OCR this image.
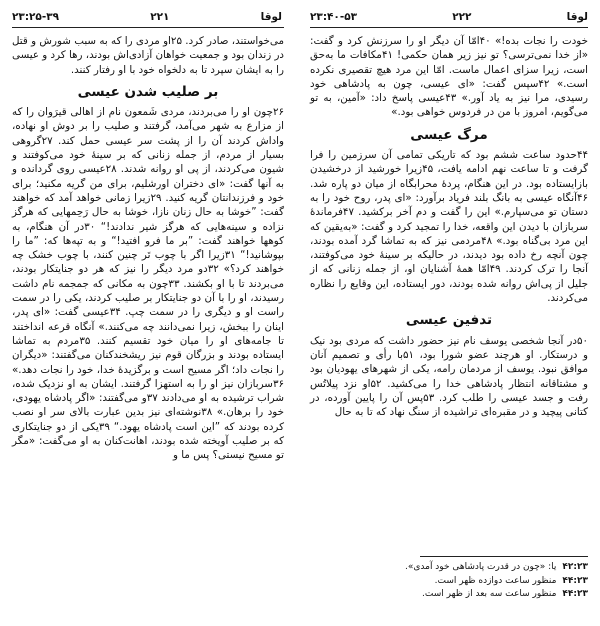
۲۳:۲۵-۳۹	۲۲۱	لوقا	۲۳:۴۰-۵۳	۲۲۲	لوقا

می‌خواستند، صادر کرد. ۲۵او مردی را که به سبب شورش و قتل در زندان بود و جمعیت خواهان آزادی‌اش بودند، رها کرد و عیسی را به ایشان سپرد تا به دلخواه خود با او رفتار کنند.

بر صلیب شدن عیسی

۲۶چون او را می‌بردند، مردی شَمعون نام از اهالی قیرَوان را که از مزارع به شهر می‌آمد، گرفتند و صلیب را بر دوش او نهاده، واداش کردند آن را از پشت سر عیسی حمل کند. ۲۷گروهی بسیار از مردم، از جمله زنانی که بر سینهٔ خود می‌کوفتند و شیون می‌کردند، از پی او روانه شدند. ۲۸عیسی روی گردانده و به آنها گفت: «ای دختران اورشلیم، برای من گریه مکنید؛ برای خود و فرزندانتان گریه کنید. ۲۹زیرا زمانی خواهد آمد که خواهند گفت: ”خوشا به حال زنان نازا، خوشا به حال رَحِمهایی که هرگز نزاده و سینه‌هایی که هرگز شیر ندادند!“ ۳۰در آن هنگام، به کوهها خواهند گفت: ”بر ما فرو افتید!“ و به تپه‌ها که: ”ما را بپوشانید!“ ۳۱زیرا اگر با چوب تَر چنین کنند، با چوب خشک چه خواهند کرد؟» ۳۲دو مرد دیگر را نیز که هر دو جنایتکار بودند، می‌بردند تا با او بکشند. ۳۳چون به مکانی که جمجمه نام داشت رسیدند، او را با آن دو جنایتکار بر صلیب کردند، یکی را در سمت راست او و دیگری را در سمت چپ. ۳۴عیسی گفت: «ای پدر، اینان را ببخش، زیرا نمی‌دانند چه می‌کنند.» آنگاه قرعه انداختند تا جامه‌های او را میان خود تقسیم کنند. ۳۵مردم به تماشا ایستاده بودند و بزرگان قوم نیز ریشخندکنان می‌گفتند: «دیگران را نجات داد؛ اگر مسیح است و برگزیدهٔ خدا، خود را نجات دهد.» ۳۶سربازان نیز او را به استهزا گرفتند. ایشان به او نزدیک شده، شراب ترشیده به او می‌دادند ۳۷و می‌گفتند: «اگر پادشاه یهودی، خود را برهان.» ۳۸نوشته‌ای نیز بدین عبارت بالای سر او نصب کرده بودند که ”این است پادشاه یهود.“ ۳۹یکی از دو جنایتکاری که بر صلیب آویخته شده بودند، اهانت‌کنان به او می‌گفت: «مگر تو مسیح نیستی؟ پس ما و

خودت را نجات بده!» ۴۰امّا آن دیگر او را سرزنش کرد و گفت: «از خدا نمی‌ترسی؟ تو نیز زیر همان حکمی! ۴۱مکافات ما به‌حق است، زیرا سزای اعمال ماست. امّا این مرد هیچ تقصیری نکرده است.» ۴۲سپس گفت: «ای عیسی، چون به پادشاهی خود رسیدی، مرا نیز به یاد آور.» ۴۳عیسی پاسخ داد: «آمین، به تو می‌گویم، امروز با من در فردوس خواهی بود.»

مرگ عیسی

۴۴حدود ساعت ششم بود که تاریکی تمامی آن سرزمین را فرا گرفت و تا ساعت نهم ادامه یافت، ۴۵زیرا خورشید از درخشیدن بازایستاده بود. در این هنگام، پردهٔ محرابگاه از میان دو پاره شد. ۴۶آنگاه عیسی به بانگ بلند فریاد برآورد: «ای پدر، روح خود را به دستان تو می‌سپارم.» این را گفت و دم آخر برکشید. ۴۷فرماندهٔ سربازان با دیدن این واقعه، خدا را تمجید کرد و گفت: «به‌یقین که این مرد بی‌گناه بود.» ۴۸مردمی نیز که به تماشا گرد آمده بودند، چون آنچه رخ داده بود دیدند، در حالیکه بر سینهٔ خود می‌کوفتند، آنجا را ترک کردند. ۴۹امّا همهٔ آشنایان او، از جمله زنانی که از جلیل از پی‌اش روانه شده بودند، دور ایستاده، این وقایع را نظاره می‌کردند.

تدفین عیسی

۵۰در آنجا شخصی یوسف نام نیز حضور داشت که مردی بود نیک و درستکار. او هرچند عضو شورا بود، ۵۱با رأی و تصمیم آنان موافق نبود. یوسف از مردمان رامه، یکی از شهرهای یهودیان بود و مشتاقانه انتظار پادشاهی خدا را می‌کشید. ۵۲او نزد پیلاتُس رفت و جسد عیسی را طلب کرد. ۵۳پس آن را پایین آورده، در کتانی پیچید و در مقبره‌ای تراشیده از سنگ نهاد که تا به حال

یا: «چون در قدرت پادشاهی خود آمدی». ۴۲:۲۳
منظور ساعت دوازده ظهر است. ۴۴:۲۳
منظور ساعت سه بعد از ظهر است. ۴۴:۲۳
